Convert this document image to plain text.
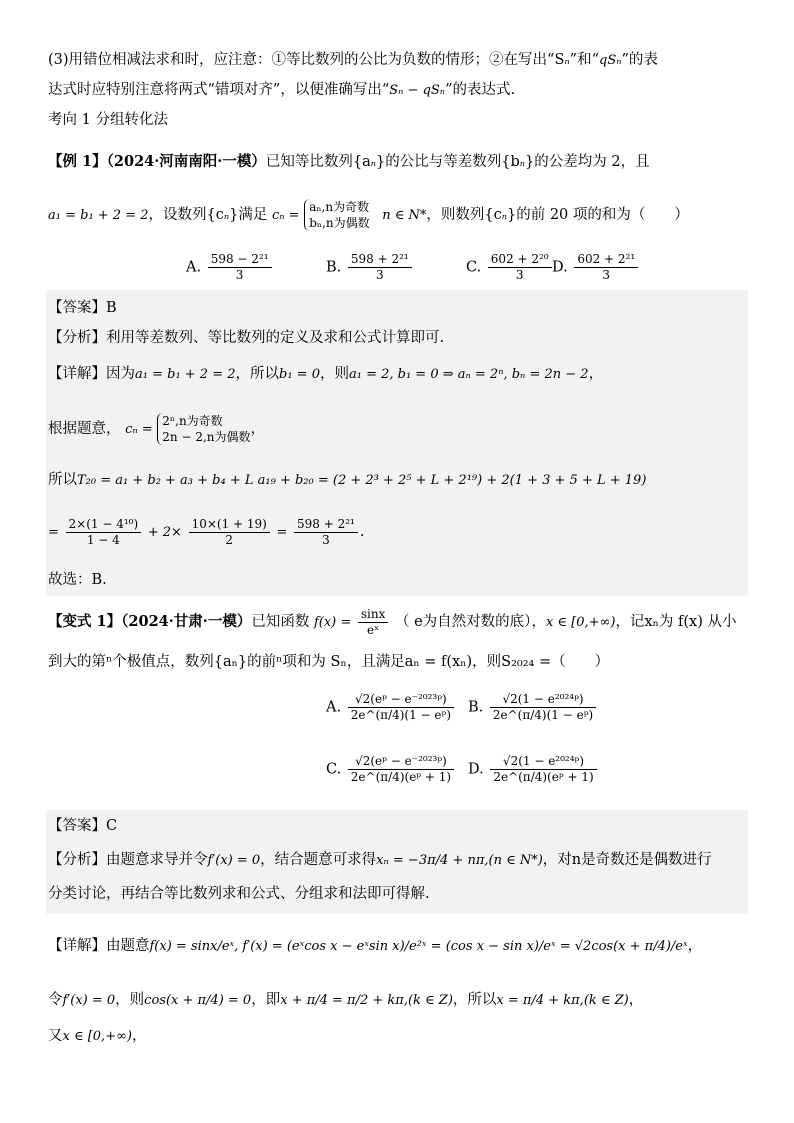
(3)用错位相减法求和时，应注意：①等比数列的公比为负数的情形；②在写出“Sₙ”和“qSₙ”的表
达式时应特别注意将两式“错项对齐”，以便准确写出“Sₙ − qSₙ”的表达式.
考向 1 分组转化法
【例 1】（2024·河南南阳·一模）已知等比数列{aₙ}的公比与等差数列{bₙ}的公差均为 2，且
a₁ = b₁ + 2 = 2，设数列{cₙ}满足 cₙ =
aₙ,n为奇数
bₙ,n为偶数 n ∈ N*，则数列{cₙ}的前 20 项的和为（　　）
A. $\frac{\text{598 − 2²¹}}{3}$	B. $\frac{\text{598 + 2²¹}}{3}$	C. $\frac{\text{602 + 2²⁰}}{3} D$. $\frac{\text{602 + 2²¹}}{3}$
【答案】B
【分析】利用等差数列、等比数列的定义及求和公式计算即可.
【详解】因为a₁ = b₁ + 2 = 2，所以b₁ = 0，则a₁ = 2, b₁ = 0 ⇒ aₙ = 2ⁿ, bₙ = 2n − 2，
根据题意， cₙ =
2ⁿ,n为奇数
2n − 2,n为偶数 ，
所以T₂₀ = a₁ + b₂ + a₃ + b₄ + L a₁₉ + b₂₀ = (2 + 2³ + 2⁵ + L + 2¹⁹) + 2(1 + 3 + 5 + L + 19)
= $\frac{\text{2×(1 − 4¹⁰)}}{1 - 4} + 2\times \frac{10\times(1 + 19)}{2} = \frac{\text{598 + 2²¹}}{3}$ .
故选：B.
【变式 1】（2024·甘肃·一模）已知函数 $f(x) = \frac{\sin x}{\text{eˣ}}$ （ e为自然对数的底），x ∈ [0,+∞)，记xₙ为 f(x) 从小
到大的第ⁿ个极值点，数列{aₙ}的前ⁿ项和为 Sₙ，且满足aₙ = f(xₙ)，则S₂₀₂₄ =（　　）
A. $\frac{\text{√2(eᵖ − e⁻²⁰²³ᵖ)}}{\text{2e\textasciicircum{}(π/4)(1 − eᵖ)}} B$. $\frac{\text{√2(1 − e²⁰²⁴ᵖ)}}{\text{2e\textasciicircum{}(π/4)(1 − eᵖ)}}$
C. $\frac{\text{√2(eᵖ − e⁻²⁰²³ᵖ)}}{\text{2e\textasciicircum{}(π/4)(eᵖ + 1)}} D$. $\frac{\text{√2(1 − e²⁰²⁴ᵖ)}}{\text{2e\textasciicircum{}(π/4)(eᵖ + 1)}}$
【答案】C
【分析】由题意求导并令f′(x) = 0，结合题意可求得xₙ = −3π/4 + nπ,(n ∈ N*)，对n是奇数还是偶数进行
分类讨论，再结合等比数列求和公式、分组求和法即可得解.
【详解】由题意f(x) = sinx/eˣ, f′(x) = (eˣcos x − eˣsin x)/e²ˣ = (cos x − sin x)/eˣ = √2cos(x + π/4)/eˣ，
令f′(x) = 0，则cos(x + π/4) = 0，即x + π/4 = π/2 + kπ,(k ∈ Z)，所以x = π/4 + kπ,(k ∈ Z)，
又x ∈ [0,+∞)，
